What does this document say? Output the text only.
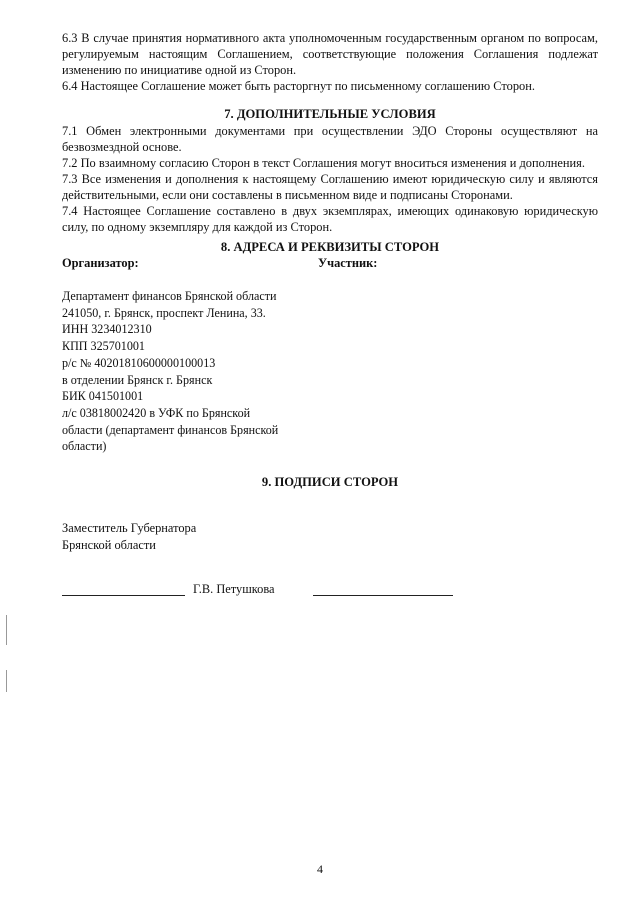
6.3 В случае принятия нормативного акта уполномоченным государственным органом по вопросам, регулируемым настоящим Соглашением, соответствующие положения Соглашения подлежат изменению по инициативе одной из Сторон.

6.4 Настоящее Соглашение может быть расторгнут по письменному соглашению Сторон.

7. ДОПОЛНИТЕЛЬНЫЕ УСЛОВИЯ

7.1 Обмен электронными документами при осуществлении ЭДО Стороны осуществляют на безвозмездной основе.

7.2 По взаимному согласию Сторон в текст Соглашения могут вноситься изменения и дополнения.

7.3 Все изменения и дополнения к настоящему Соглашению имеют юридическую силу и являются действительными, если они составлены в письменном виде и подписаны Сторонами.

7.4 Настоящее Соглашение составлено в двух экземплярах, имеющих одинаковую юридическую силу, по одному экземпляру для каждой из Сторон.

8. АДРЕСА И РЕКВИЗИТЫ СТОРОН

Организатор:	Участник:
Департамент финансов Брянской области
241050, г. Брянск, проспект Ленина, 33.
ИНН 3234012310
КПП 325701001
р/с № 40201810600000100013
в отделении Брянск г. Брянск
БИК 041501001
л/с 03818002420 в УФК по Брянской
области (департамент финансов Брянской
области)

9. ПОДПИСИ СТОРОН

Заместитель Губернатора
Брянской области
Г.В. Петушкова
4
